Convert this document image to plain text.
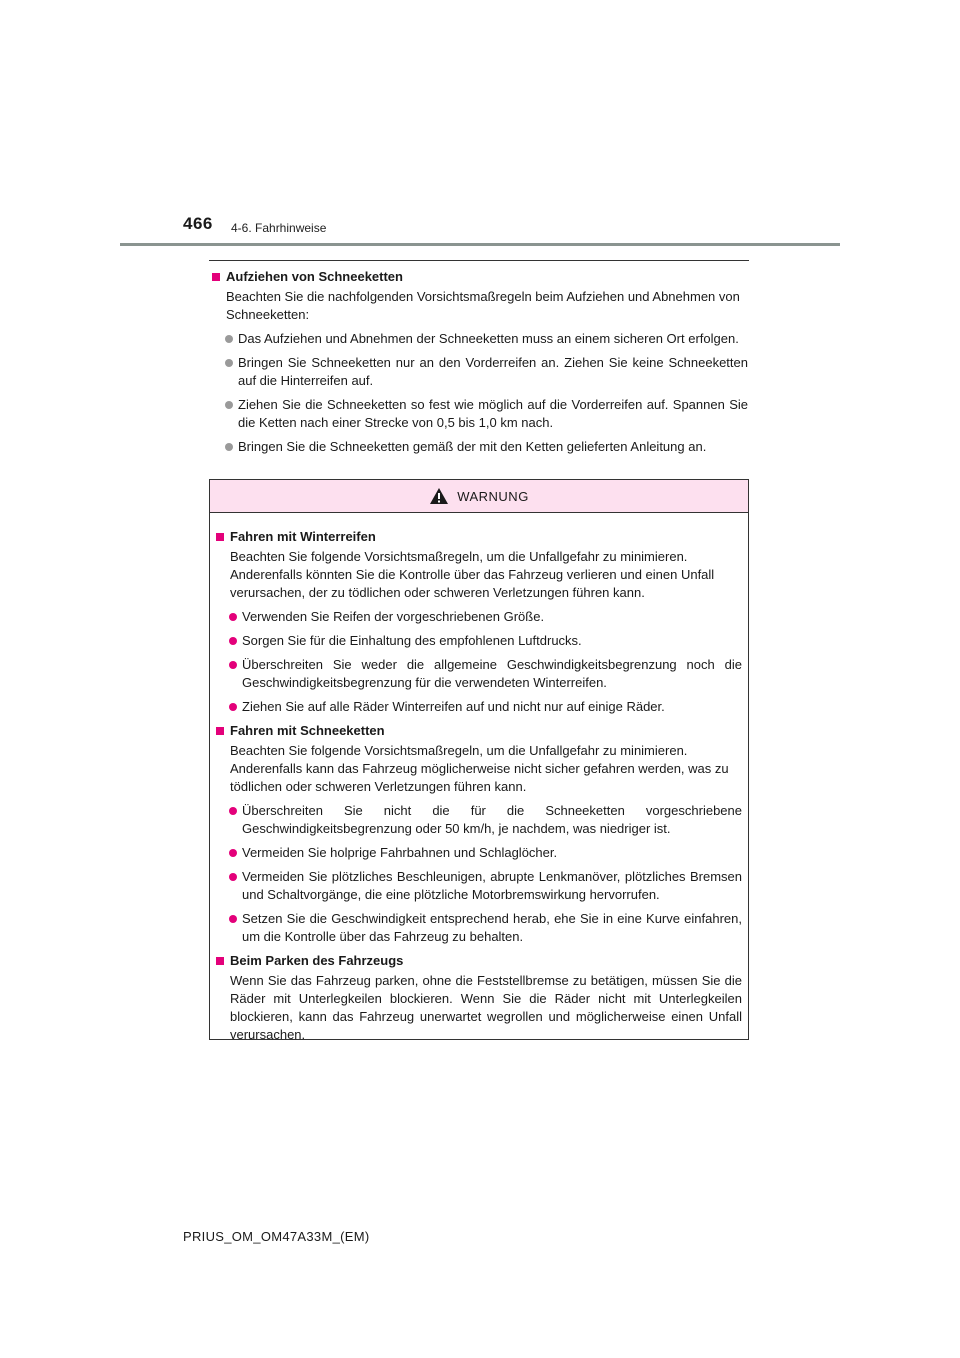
466 4-6. Fahrhinweise
Aufziehen von Schneeketten
Beachten Sie die nachfolgenden Vorsichtsmaßregeln beim Aufziehen und Abnehmen von Schneeketten:
Das Aufziehen und Abnehmen der Schneeketten muss an einem sicheren Ort erfolgen.
Bringen Sie Schneeketten nur an den Vorderreifen an. Ziehen Sie keine Schneeketten auf die Hinterreifen auf.
Ziehen Sie die Schneeketten so fest wie möglich auf die Vorderreifen auf. Spannen Sie die Ketten nach einer Strecke von 0,5 bis 1,0 km nach.
Bringen Sie die Schneeketten gemäß der mit den Ketten gelieferten Anleitung an.
WARNUNG
Fahren mit Winterreifen
Beachten Sie folgende Vorsichtsmaßregeln, um die Unfallgefahr zu minimieren. Anderenfalls könnten Sie die Kontrolle über das Fahrzeug verlieren und einen Unfall verursachen, der zu tödlichen oder schweren Verletzungen führen kann.
Verwenden Sie Reifen der vorgeschriebenen Größe.
Sorgen Sie für die Einhaltung des empfohlenen Luftdrucks.
Überschreiten Sie weder die allgemeine Geschwindigkeitsbegrenzung noch die Geschwindigkeitsbegrenzung für die verwendeten Winterreifen.
Ziehen Sie auf alle Räder Winterreifen auf und nicht nur auf einige Räder.
Fahren mit Schneeketten
Beachten Sie folgende Vorsichtsmaßregeln, um die Unfallgefahr zu minimieren. Anderenfalls kann das Fahrzeug möglicherweise nicht sicher gefahren werden, was zu tödlichen oder schweren Verletzungen führen kann.
Überschreiten Sie nicht die für die Schneeketten vorgeschriebene Geschwindigkeitsbegrenzung oder 50 km/h, je nachdem, was niedriger ist.
Vermeiden Sie holprige Fahrbahnen und Schlaglöcher.
Vermeiden Sie plötzliches Beschleunigen, abrupte Lenkmanöver, plötzliches Bremsen und Schaltvorgänge, die eine plötzliche Motorbremswirkung hervorrufen.
Setzen Sie die Geschwindigkeit entsprechend herab, ehe Sie in eine Kurve einfahren, um die Kontrolle über das Fahrzeug zu behalten.
Beim Parken des Fahrzeugs
Wenn Sie das Fahrzeug parken, ohne die Feststellbremse zu betätigen, müssen Sie die Räder mit Unterlegkeilen blockieren. Wenn Sie die Räder nicht mit Unterlegkeilen blockieren, kann das Fahrzeug unerwartet wegrollen und möglicherweise einen Unfall verursachen.
PRIUS_OM_OM47A33M_(EM)
